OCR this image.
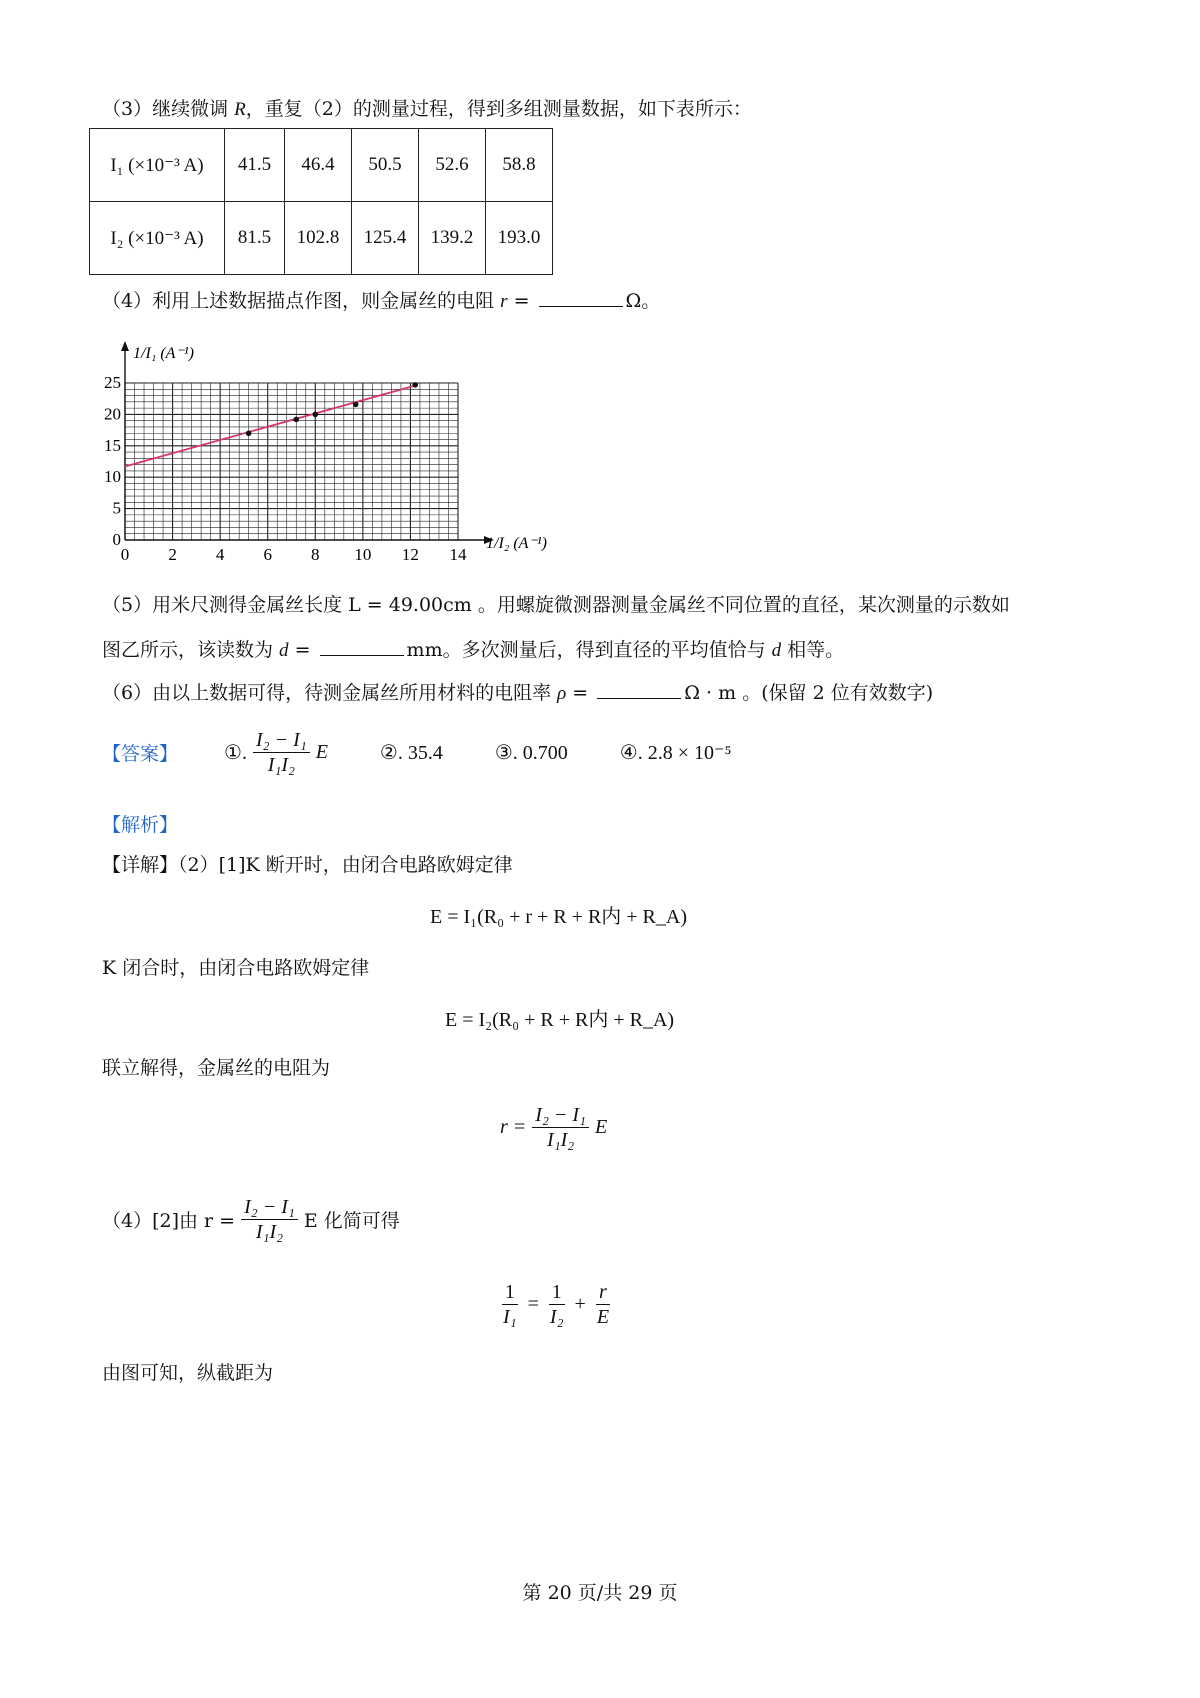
（3）继续微调 R，重复（2）的测量过程，得到多组测量数据，如下表所示：
I₁ (×10⁻³ A)	41.5	46.4	50.5	52.6	58.8
I₂ (×10⁻³ A)	81.5	102.8	125.4	139.2	193.0
（4）利用上述数据描点作图，则金属丝的电阻 r =	Ω。
0 2 4 6 8 10 12 14
0
5
10
15
20
25
1/I₁ (A⁻¹)
1/I₂ (A⁻¹)
（5）用米尺测得金属丝长度 L = 49.00cm 。用螺旋微测器测量金属丝不同位置的直径，某次测量的示数如
图乙所示，该读数为 d =	mm。多次测量后，得到直径的平均值恰与 d 相等。
（6）由以上数据可得，待测金属丝所用材料的电阻率 ρ =	Ω · m 。(保留 2 位有效数字)
【答案】 ①. $\frac{\text{I₂ − I₁}}{\text{I₁I₂}}$ E	②. 35.4	③. 0.700	④. 2.8 × 10⁻⁵
【解析】
【详解】（2）[1]K 断开时，由闭合电路欧姆定律
E = I₁(R₀ + r + R + R内 + R_A)
K 闭合时，由闭合电路欧姆定律
E = I₂(R₀ + R + R内 + R_A)
联立解得，金属丝的电阻为
$r = \frac{\text{I₂ − I₁}}{\text{I₁I₂}}$ E
（4）[2]由 $r = \frac{\text{I₂ − I₁}}{\text{I₁I₂}}$ E 化简可得
$\frac{1}{\text{I₁}} = \frac{1}{\text{I₂}} + \frac{r}{E}$
由图可知，纵截距为
第 20 页/共 29 页
